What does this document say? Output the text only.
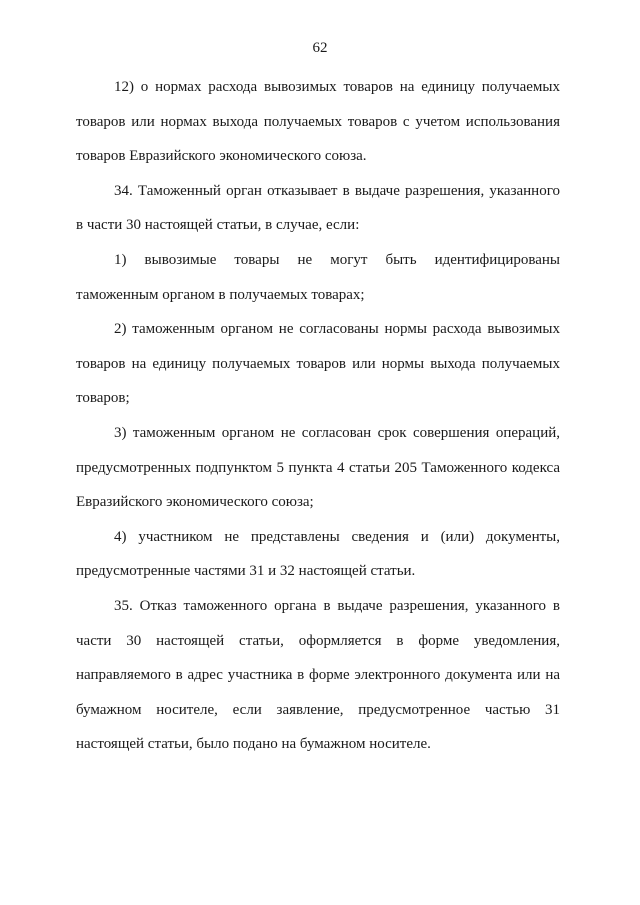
62

12) о нормах расхода вывозимых товаров на единицу получаемых товаров или нормах выхода получаемых товаров с учетом использования товаров Евразийского экономического союза.

34. Таможенный орган отказывает в выдаче разрешения, указанного в части 30 настоящей статьи, в случае, если:

1) вывозимые товары не могут быть идентифицированы таможенным органом в получаемых товарах;

2) таможенным органом не согласованы нормы расхода вывозимых товаров на единицу получаемых товаров или нормы выхода получаемых товаров;

3) таможенным органом не согласован срок совершения операций, предусмотренных подпунктом 5 пункта 4 статьи 205 Таможенного кодекса Евразийского экономического союза;

4) участником не представлены сведения и (или) документы, предусмотренные частями 31 и 32 настоящей статьи.

35. Отказ таможенного органа в выдаче разрешения, указанного в части 30 настоящей статьи, оформляется в форме уведомления, направляемого в адрес участника в форме электронного документа или на бумажном носителе, если заявление, предусмотренное частью 31 настоящей статьи, было подано на бумажном носителе.
